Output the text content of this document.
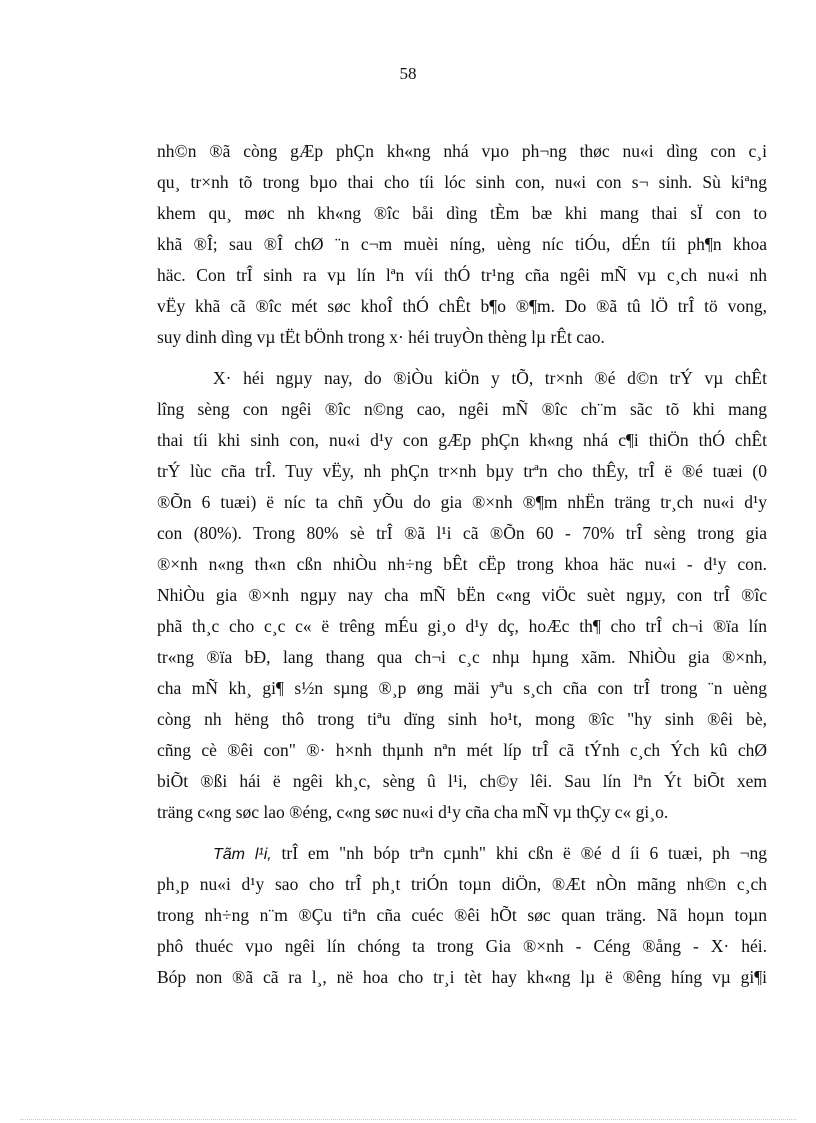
58
nh©n ®ã còng gÆp phÇn kh«ng nhá vµo ph¬ng thøc nu«i dìng con c¸i
qu¸ tr×nh tõ trong bµo thai cho tíi lóc sinh con, nu«i con s¬ sinh. Sù kiªng
khem qu¸ møc nh kh«ng ®îc båi dìng tÈm bæ khi mang thai sÏ con to
khã ®Î; sau ®Î chØ ¨n c¬m muèi níng, uèng níc tiÓu, dÉn tíi ph¶n khoa
häc. Con trÎ sinh ra vµ lín lªn víi thÓ tr¹ng cña ngêi mÑ vµ c¸ch nu«i nh
vËy khã cã ®îc mét søc khoÎ thÓ chÊt b¶o ®¶m. Do ®ã tû lÖ trÎ tö vong,
suy dinh dìng vµ tËt bÖnh trong x· héi truyÒn thèng lµ rÊt cao.
X· héi ngµy nay, do ®iÒu kiÖn y tÕ, tr×nh ®é d©n trÝ vµ chÊt
lîng sèng con ngêi ®îc n©ng cao, ngêi mÑ ®îc ch¨m sãc tõ khi mang
thai tíi khi sinh con, nu«i d¹y con gÆp phÇn kh«ng nhá c¶i thiÖn thÓ chÊt
trÝ lùc cña trÎ. Tuy vËy, nh phÇn tr×nh bµy trªn cho thÊy, trÎ ë ®é tuæi (0
®Õn 6 tuæi) ë níc ta chñ yÕu do gia ®×nh ®¶m nhËn träng tr¸ch nu«i d¹y
con (80%). Trong 80% sè trÎ ®ã l¹i cã ®Õn 60 - 70% trÎ sèng trong gia
®×nh n«ng th«n cßn nhiÒu nh÷ng bÊt cËp trong khoa häc nu«i - d¹y con.
NhiÒu gia ®×nh ngµy nay cha mÑ bËn c«ng viÖc suèt ngµy, con trÎ ®îc
phã th¸c cho c¸c c« ë trêng mÉu gi¸o d¹y dç, hoÆc th¶ cho trÎ ch¬i ®ïa lín
tr«ng ®ïa bÐ, lang thang qua ch¬i c¸c nhµ hµng xãm. NhiÒu gia ®×nh,
cha mÑ kh¸ gi¶ s½n sµng ®¸p øng mäi yªu s¸ch cña con trÎ trong ¨n uèng
còng nh hëng thô trong tiªu dïng sinh ho¹t, mong ®îc "hy sinh ®êi bè,
cñng cè ®êi con" ®· h×nh thµnh nªn mét líp trÎ cã tÝnh c¸ch Ých kû chØ
biÕt ®ßi hái ë ngêi kh¸c, sèng û l¹i, ch©y lêi. Sau lín lªn Ýt biÕt xem
träng c«ng søc lao ®éng, c«ng søc nu«i d¹y cña cha mÑ vµ thÇy c« gi¸o.
Tãm l¹i, trÎ em "nh bóp trªn cµnh" khi cßn ë ®é d íi 6 tuæi, ph ¬ng
ph¸p nu«i d¹y sao cho trÎ ph¸t triÓn toµn diÖn, ®Æt nÒn mãng nh©n c¸ch
trong nh÷ng n¨m ®Çu tiªn cña cuéc ®êi hÕt søc quan träng. Nã hoµn toµn
phô thuéc vµo ngêi lín chóng ta trong Gia ®×nh - Céng ®ång - X· héi.
Bóp non ®ã cã ra l¸, në hoa cho tr¸i tèt hay kh«ng lµ ë ®êng híng vµ gi¶i
